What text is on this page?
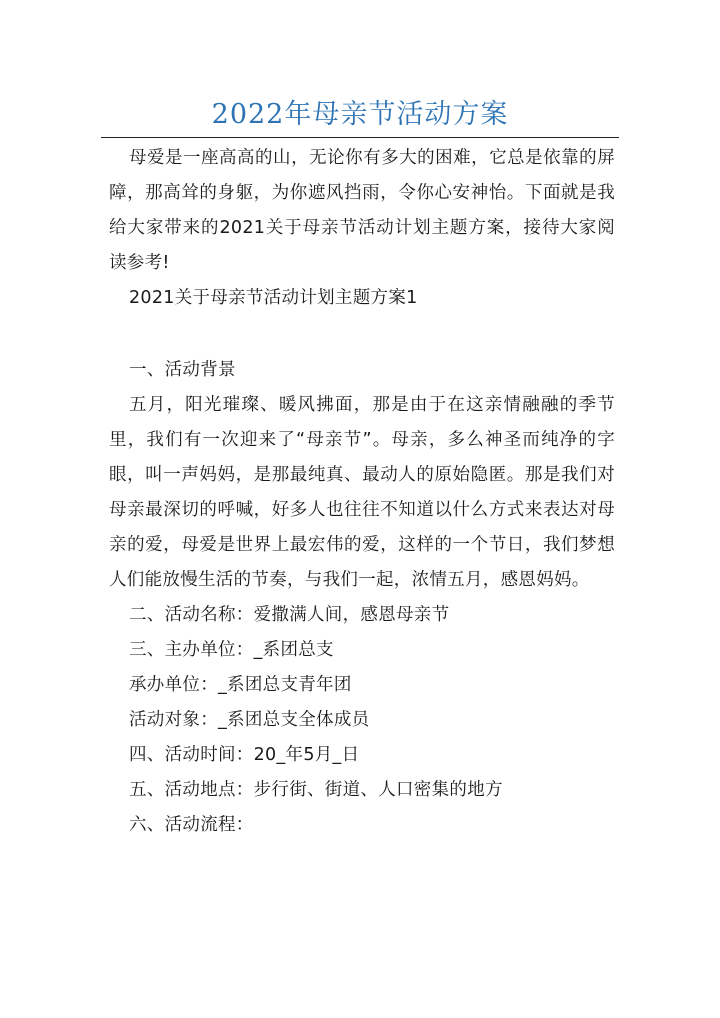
2022年母亲节活动方案

母爱是一座高高的山，无论你有多大的困难，它总是依靠的屏障，那高耸的身躯，为你遮风挡雨，令你心安神怡。下面就是我给大家带来的2021关于母亲节活动计划主题方案，接待大家阅读参考!

2021关于母亲节活动计划主题方案1

一、活动背景

五月，阳光璀璨、暖风拂面，那是由于在这亲情融融的季节里，我们有一次迎来了“母亲节”。母亲，多么神圣而纯净的字眼，叫一声妈妈，是那最纯真、最动人的原始隐匿。那是我们对母亲最深切的呼喊，好多人也往往不知道以什么方式来表达对母亲的爱，母爱是世界上最宏伟的爱，这样的一个节日，我们梦想人们能放慢生活的节奏，与我们一起，浓情五月，感恩妈妈。

二、活动名称：爱撒满人间，感恩母亲节

三、主办单位：_系团总支

承办单位：_系团总支青年团

活动对象：_系团总支全体成员

四、活动时间：20_年5月_日

五、活动地点：步行街、街道、人口密集的地方

六、活动流程：
